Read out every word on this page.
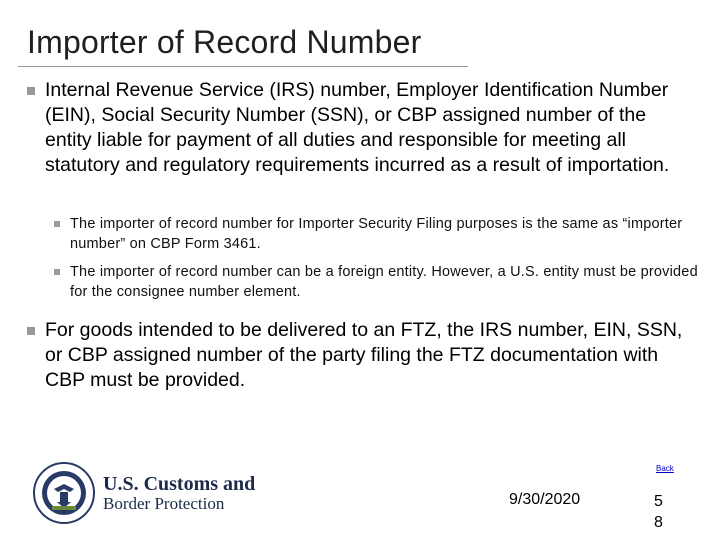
Importer of Record Number
Internal Revenue Service (IRS) number, Employer Identification Number (EIN), Social Security Number (SSN), or CBP assigned number of the entity liable for payment of all duties and responsible for meeting all statutory and regulatory requirements incurred as a result of importation.
The importer of record number for Importer Security Filing purposes is the same as “importer number” on CBP Form 3461.
The importer of record number can be a foreign entity. However, a U.S. entity must be provided for the consignee number element.
For goods intended to be delivered to an FTZ, the IRS number, EIN, SSN, or CBP assigned number of the party filing the FTZ documentation with CBP must be provided.
Back
U.S. Customs and
Border Protection	9/30/2020	58
